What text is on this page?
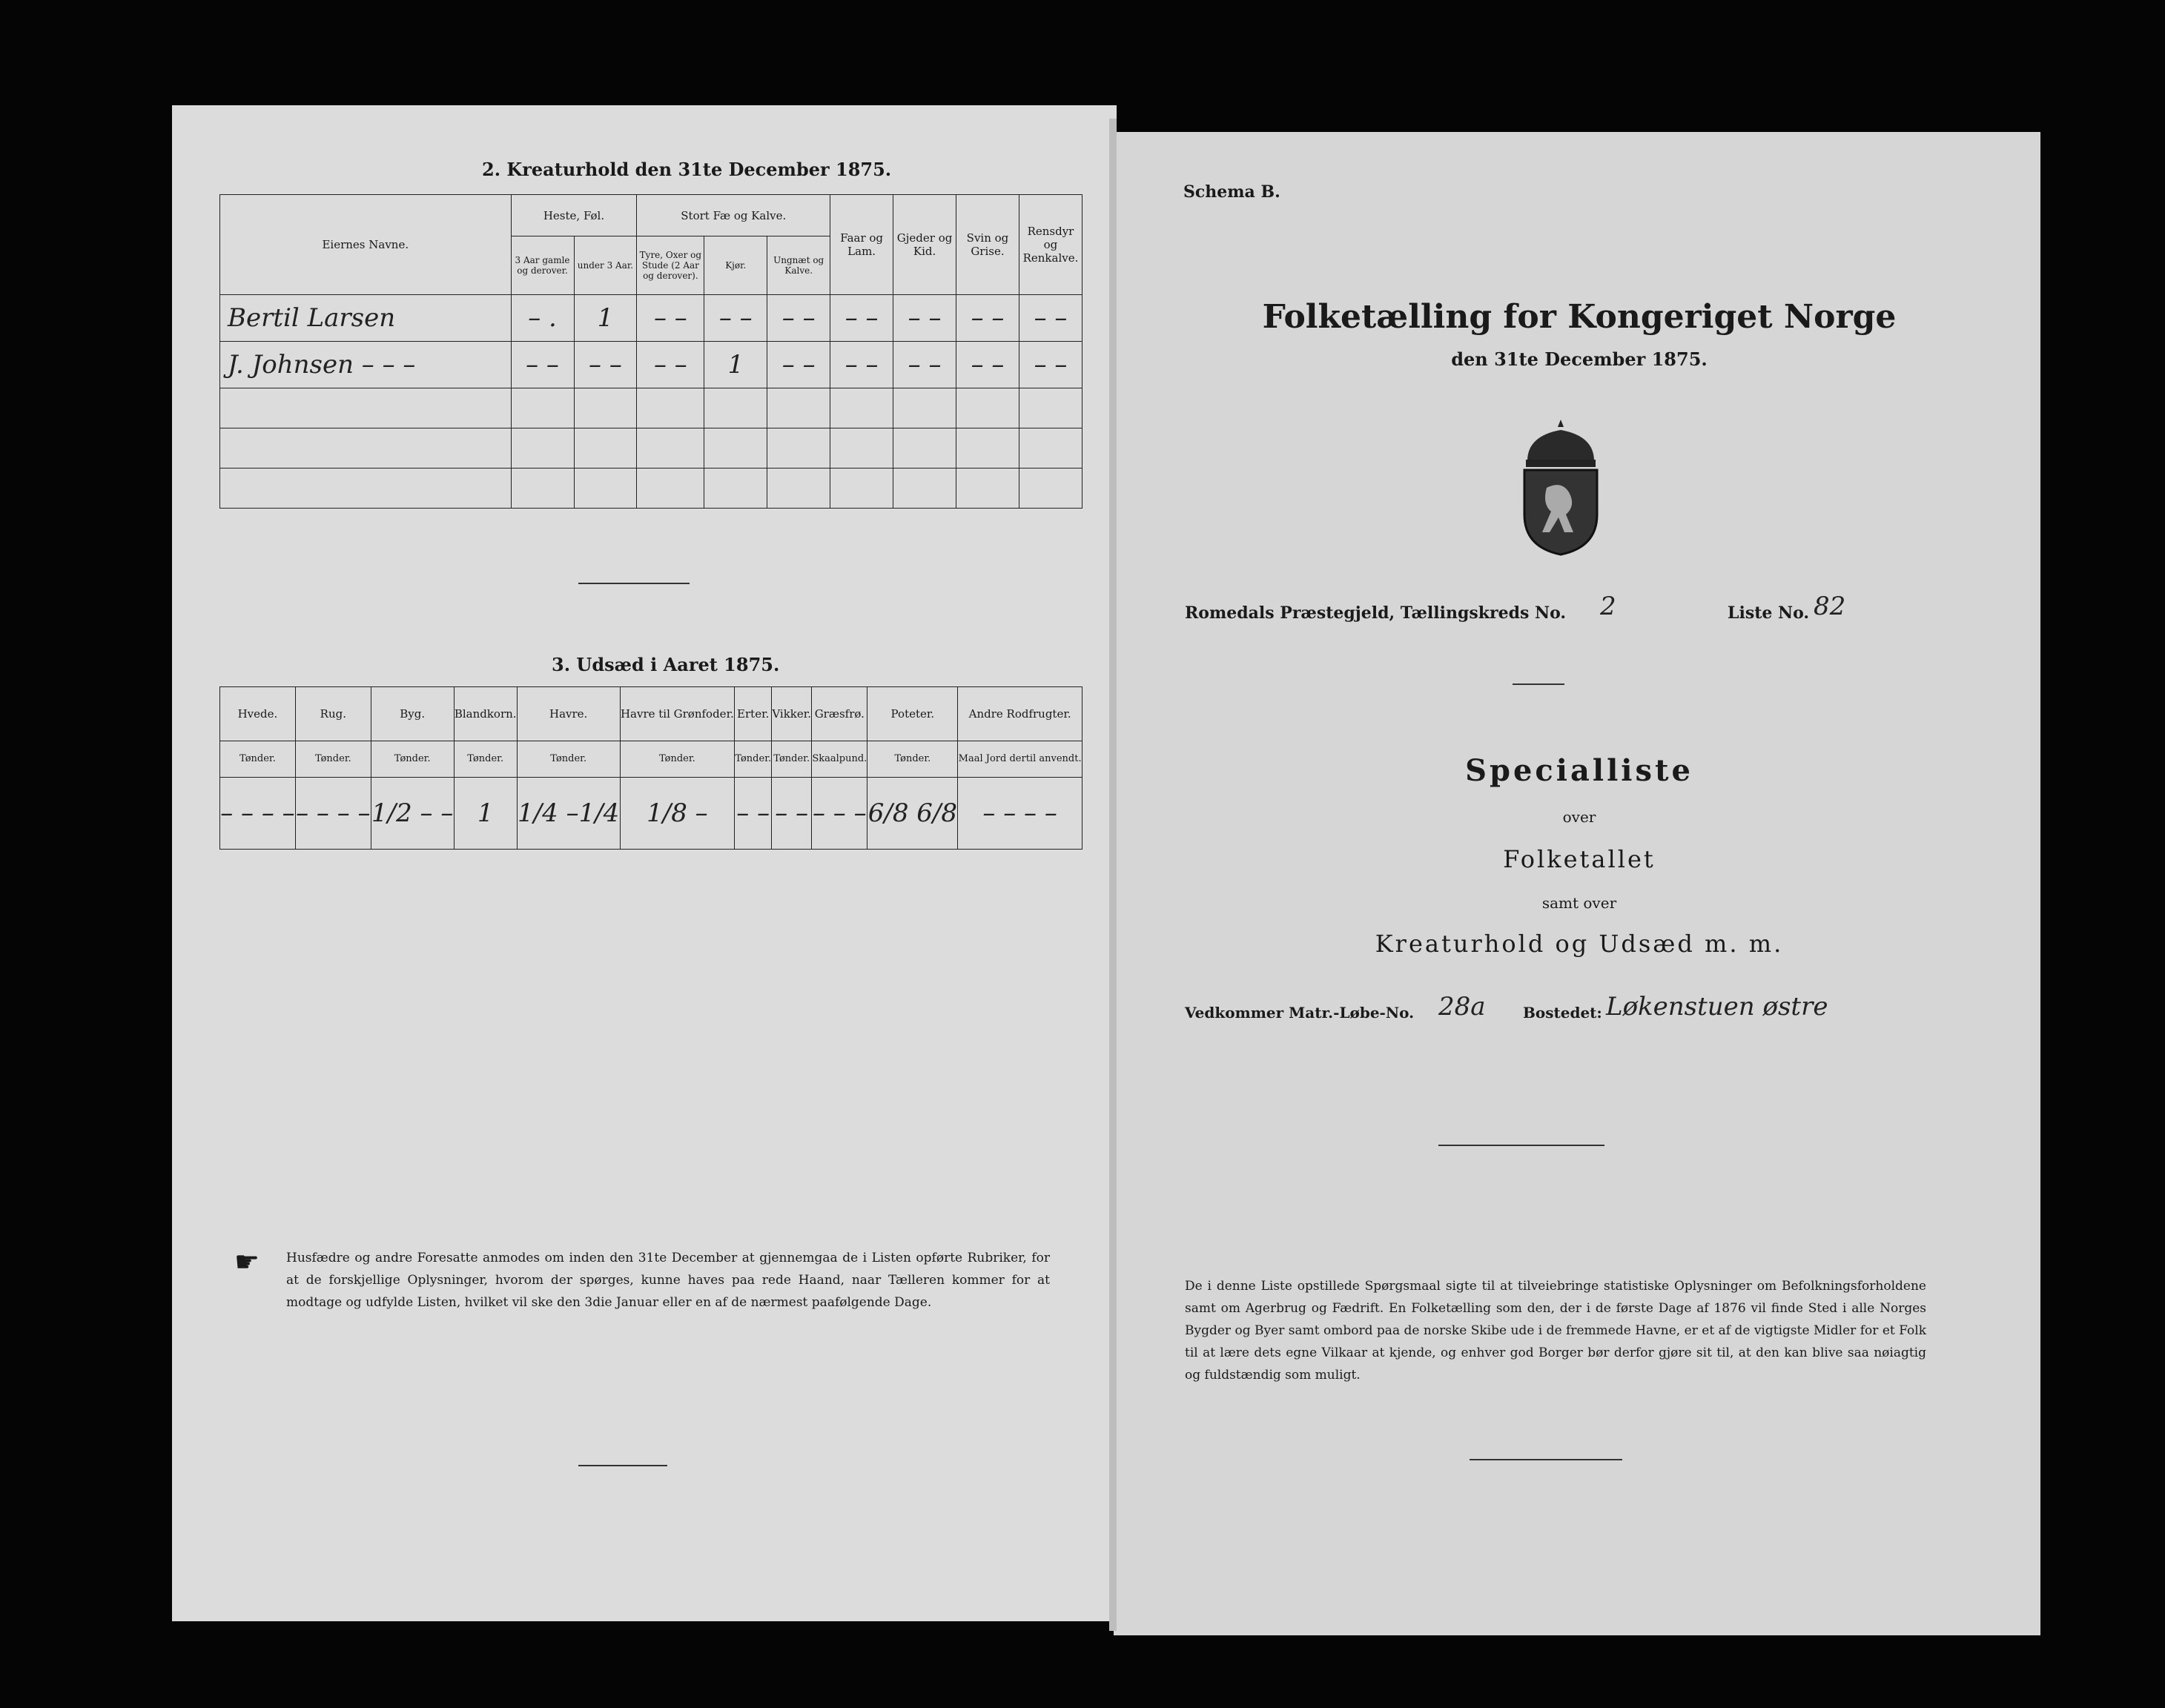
2. Kreaturhold den 31te December 1875.
Eiernes Navne.	Heste, Føl.		Stort Fæ og Kalve.			Faar og Lam.	Gjeder og Kid.	Svin og Grise.	Rensdyr og Renkalve.
	3 Aar gamle og derover.	under 3 Aar.	Tyre, Oxer og Stude (2 Aar og derover).	Kjør.	Ungnæt og Kalve.				
Bertil Larsen	– .	1	– –	– –	– –	– –	– –	– –	– –
J. Johnsen – – –	– –	– –	– –	1	– –	– –	– –	– –	– –

3. Udsæd i Aaret 1875.
Hvede.	Rug.	Byg.	Blandkorn.	Havre.	Havre til Grønfoder.	Erter.	Vikker.	Græsfrø.	Poteter.	Andre Rodfrugter.
Tønder.	Tønder.	Tønder.	Tønder.	Tønder.	Tønder.	Tønder.	Tønder.	Skaalpund.	Tønder.	Maal Jord dertil anvendt.
– – – –	– – – –	1/2 – –	1	1/4 –1/4	1/8 –	– –	– –	– – –	6/8 6/8	– – – –
☛ Husfædre og andre Foresatte anmodes om inden den 31te December at gjennemgaa de i Listen opførte Rubriker, for at de forskjellige Oplysninger, hvorom der spørges, kunne haves paa rede Haand, naar Tælleren kommer for at modtage og udfylde Listen, hvilket vil ske den 3die Januar eller en af de nærmest paafølgende Dage.
Schema B.
Folketælling for Kongeriget Norge
den 31te December 1875.
Romedals Præstegjeld, Tællingskreds No. 2	Liste No. 82
Specialliste
over
Folketallet
samt over
Kreaturhold og Udsæd m. m.
Vedkommer Matr.-Løbe-No. 28a	Bostedet: Løkenstuen østre
De i denne Liste opstillede Spørgsmaal sigte til at tilveiebringe statistiske Oplysninger om Befolkningsforholdene samt om Agerbrug og Fædrift. En Folketælling som den, der i de første Dage af 1876 vil finde Sted i alle Norges Bygder og Byer samt ombord paa de norske Skibe ude i de fremmede Havne, er et af de vigtigste Midler for et Folk til at lære dets egne Vilkaar at kjende, og enhver god Borger bør derfor gjøre sit til, at den kan blive saa nøiagtig og fuldstændig som muligt.
